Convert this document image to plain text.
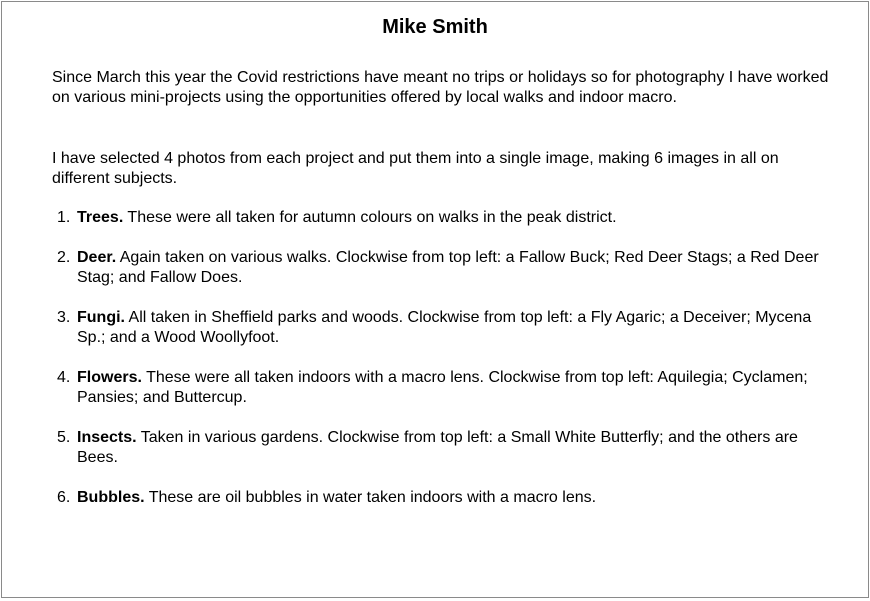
Mike Smith

Since March this year the Covid restrictions have meant no trips or holidays so for photography I have worked on various mini-projects using the opportunities offered by local walks and indoor macro.

I have selected 4 photos from each project and put them into a single image, making 6 images in all on different subjects.

1. Trees. These were all taken for autumn colours on walks in the peak district.
2. Deer. Again taken on various walks. Clockwise from top left: a Fallow Buck; Red Deer Stags; a Red Deer Stag; and Fallow Does.
3. Fungi. All taken in Sheffield parks and woods. Clockwise from top left: a Fly Agaric; a Deceiver; Mycena Sp.; and a Wood Woollyfoot.
4. Flowers. These were all taken indoors with a macro lens. Clockwise from top left: Aquilegia; Cyclamen; Pansies; and Buttercup.
5. Insects. Taken in various gardens. Clockwise from top left: a Small White Butterfly; and the others are Bees.
6. Bubbles. These are oil bubbles in water taken indoors with a macro lens.
